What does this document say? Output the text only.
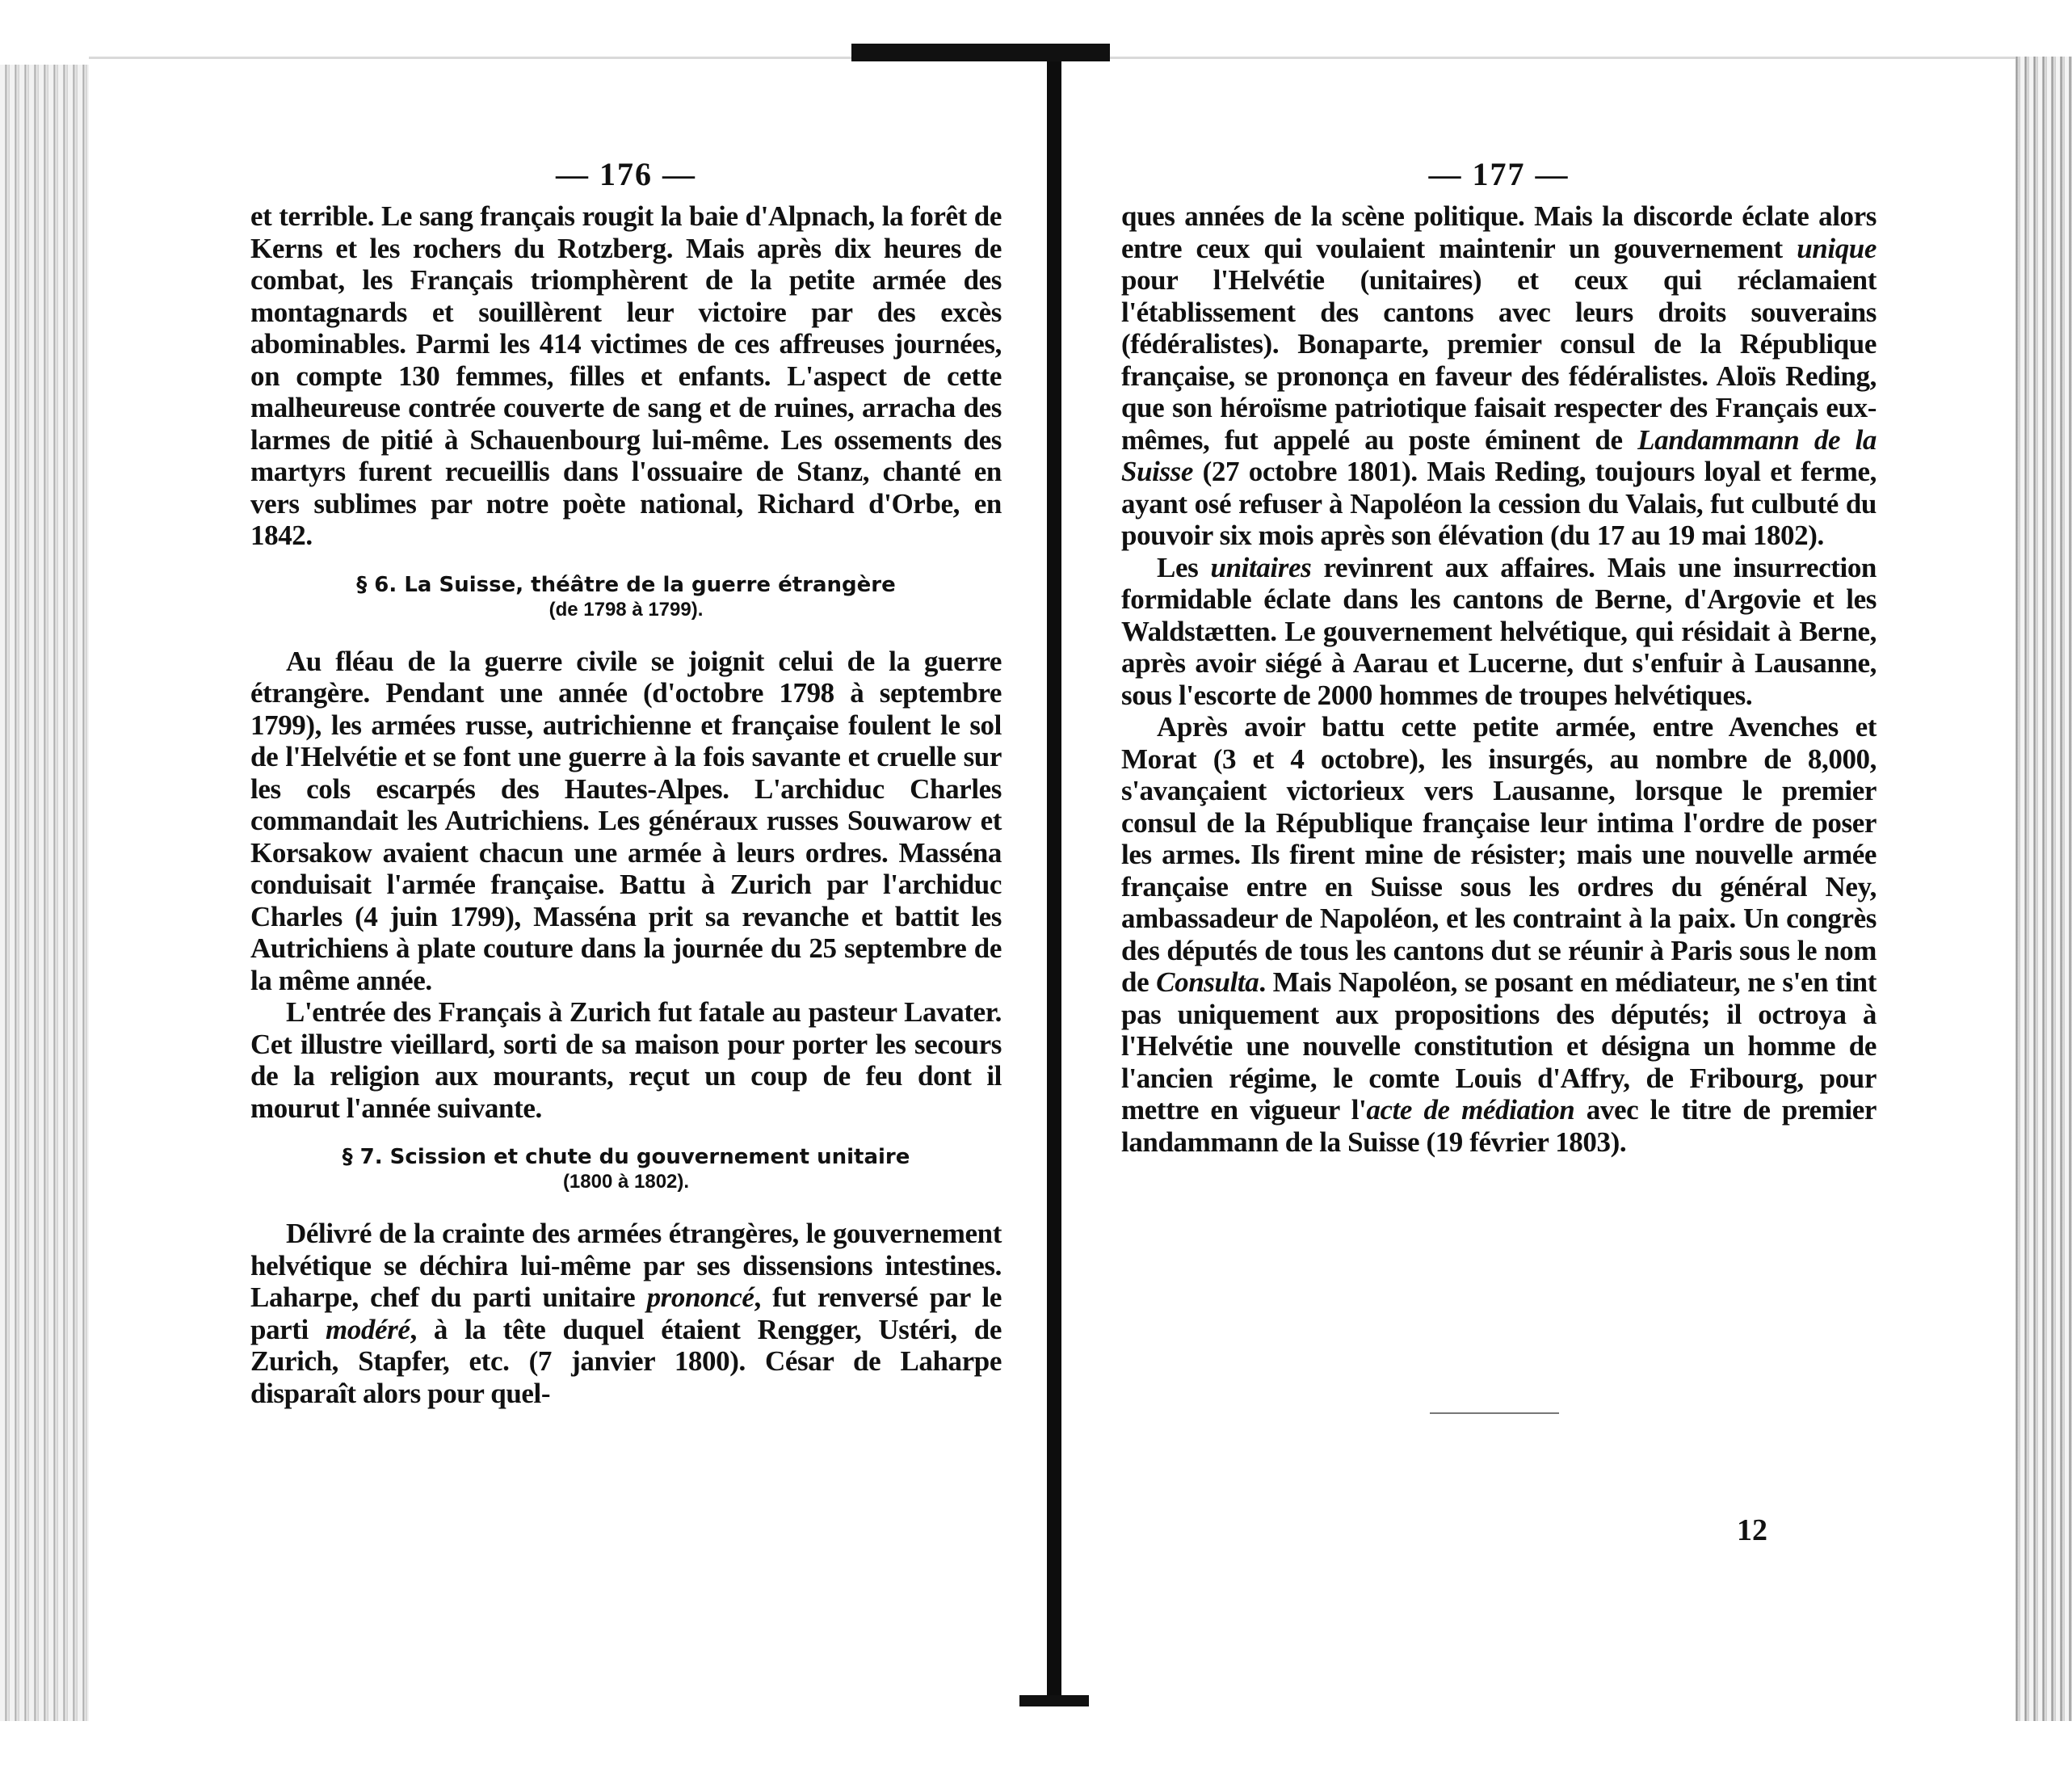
— 176 —

et terrible. Le sang français rougit la baie d'Alpnach, la forêt de Kerns et les rochers du Rotzberg. Mais après dix heures de combat, les Français triomphèrent de la petite armée des montagnards et souillèrent leur victoire par des excès abominables. Parmi les 414 victimes de ces affreuses journées, on compte 130 femmes, filles et enfants. L'aspect de cette malheureuse contrée couverte de sang et de ruines, arracha des larmes de pitié à Schauenbourg lui-même. Les ossements des martyrs furent recueillis dans l'ossuaire de Stanz, chanté en vers sublimes par notre poète national, Richard d'Orbe, en 1842.

§ 6. La Suisse, théâtre de la guerre étrangère
(de 1798 à 1799).

Au fléau de la guerre civile se joignit celui de la guerre étrangère. Pendant une année (d'octobre 1798 à septembre 1799), les armées russe, autrichienne et française foulent le sol de l'Helvétie et se font une guerre à la fois savante et cruelle sur les cols escarpés des Hautes-Alpes. L'archiduc Charles commandait les Autrichiens. Les généraux russes Souwarow et Korsakow avaient chacun une armée à leurs ordres. Masséna conduisait l'armée française. Battu à Zurich par l'archiduc Charles (4 juin 1799), Masséna prit sa revanche et battit les Autrichiens à plate couture dans la journée du 25 septembre de la même année.

L'entrée des Français à Zurich fut fatale au pasteur Lavater. Cet illustre vieillard, sorti de sa maison pour porter les secours de la religion aux mourants, reçut un coup de feu dont il mourut l'année suivante.

§ 7. Scission et chute du gouvernement unitaire
(1800 à 1802).

Délivré de la crainte des armées étrangères, le gouvernement helvétique se déchira lui-même par ses dissensions intestines. Laharpe, chef du parti unitaire prononcé, fut renversé par le parti modéré, à la tête duquel étaient Rengger, Ustéri, de Zurich, Stapfer, etc. (7 janvier 1800). César de Laharpe disparaît alors pour quel-

— 177 —

ques années de la scène politique. Mais la discorde éclate alors entre ceux qui voulaient maintenir un gouvernement unique pour l'Helvétie (unitaires) et ceux qui réclamaient l'établissement des cantons avec leurs droits souverains (fédéralistes). Bonaparte, premier consul de la République française, se prononça en faveur des fédéralistes. Aloïs Reding, que son héroïsme patriotique faisait respecter des Français eux-mêmes, fut appelé au poste éminent de Landammann de la Suisse (27 octobre 1801). Mais Reding, toujours loyal et ferme, ayant osé refuser à Napoléon la cession du Valais, fut culbuté du pouvoir six mois après son élévation (du 17 au 19 mai 1802).

Les unitaires revinrent aux affaires. Mais une insurrection formidable éclate dans les cantons de Berne, d'Argovie et les Waldstætten. Le gouvernement helvétique, qui résidait à Berne, après avoir siégé à Aarau et Lucerne, dut s'enfuir à Lausanne, sous l'escorte de 2000 hommes de troupes helvétiques.

Après avoir battu cette petite armée, entre Avenches et Morat (3 et 4 octobre), les insurgés, au nombre de 8,000, s'avançaient victorieux vers Lausanne, lorsque le premier consul de la République française leur intima l'ordre de poser les armes. Ils firent mine de résister; mais une nouvelle armée française entre en Suisse sous les ordres du général Ney, ambassadeur de Napoléon, et les contraint à la paix. Un congrès des députés de tous les cantons dut se réunir à Paris sous le nom de Consulta. Mais Napoléon, se posant en médiateur, ne s'en tint pas uniquement aux propositions des députés; il octroya à l'Helvétie une nouvelle constitution et désigna un homme de l'ancien régime, le comte Louis d'Affry, de Fribourg, pour mettre en vigueur l'acte de médiation avec le titre de premier landammann de la Suisse (19 février 1803).

12
